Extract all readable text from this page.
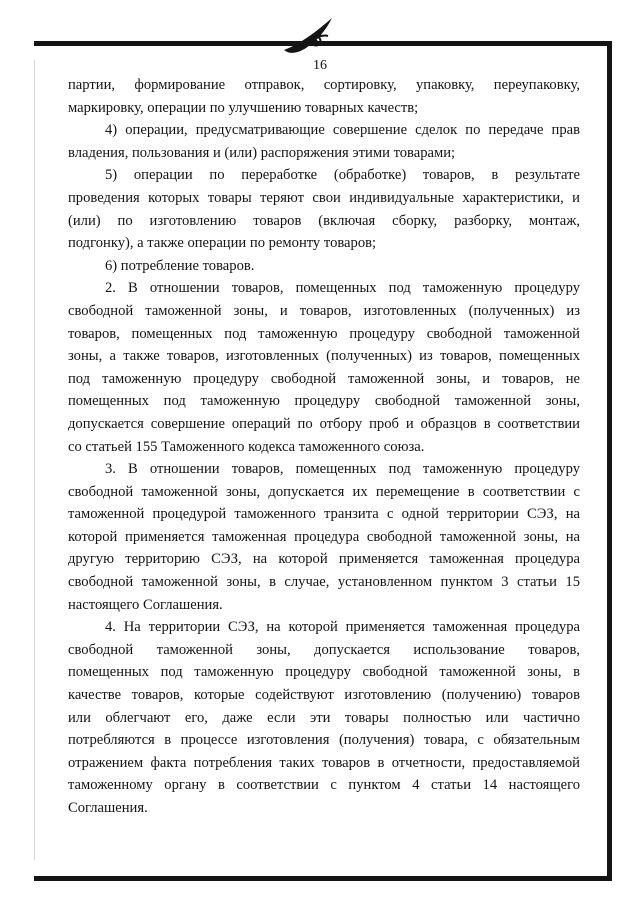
16

партии, формирование отправок, сортировку, упаковку, переупаковку,

маркировку, операции по улучшению товарных качеств;

4) операции, предусматривающие совершение сделок по передаче прав

владения, пользования и (или) распоряжения этими товарами;

5) операции по переработке (обработке) товаров, в результате

проведения которых товары теряют свои индивидуальные характеристики, и

(или) по изготовлению товаров (включая сборку, разборку, монтаж,

подгонку), а также операции по ремонту товаров;

6) потребление товаров.

2. В отношении товаров, помещенных под таможенную процедуру

свободной таможенной зоны, и товаров, изготовленных (полученных) из

товаров, помещенных под таможенную процедуру свободной таможенной

зоны, а также товаров, изготовленных (полученных) из товаров, помещенных

под таможенную процедуру свободной таможенной зоны, и товаров, не

помещенных под таможенную процедуру свободной таможенной зоны,

допускается совершение операций по отбору проб и образцов в соответствии

со статьей 155 Таможенного кодекса таможенного союза.

3. В отношении товаров, помещенных под таможенную процедуру

свободной таможенной зоны, допускается их перемещение в соответствии с

таможенной процедурой таможенного транзита с одной территории СЭЗ, на

которой применяется таможенная процедура свободной таможенной зоны, на

другую территорию СЭЗ, на которой применяется таможенная процедура

свободной таможенной зоны, в случае, установленном пунктом 3 статьи 15

настоящего Соглашения.

4. На территории СЭЗ, на которой применяется таможенная процедура

свободной таможенной зоны, допускается использование товаров,

помещенных под таможенную процедуру свободной таможенной зоны, в

качестве товаров, которые содействуют изготовлению (получению) товаров

или облегчают его, даже если эти товары полностью или частично

потребляются в процессе изготовления (получения) товара, с обязательным

отражением факта потребления таких товаров в отчетности, предоставляемой

таможенному органу в соответствии с пунктом 4 статьи 14 настоящего

Соглашения.
